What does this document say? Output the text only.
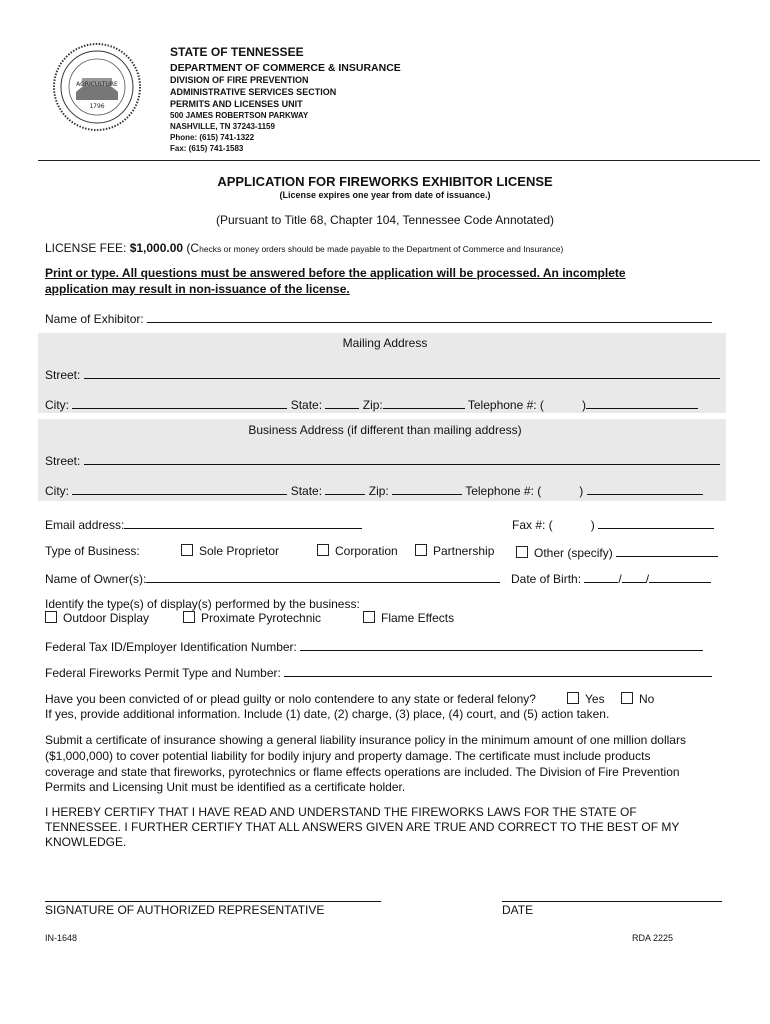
AGRICULTURE
1796
STATE OF TENNESSEE
DEPARTMENT OF COMMERCE & INSURANCE
DIVISION OF FIRE PREVENTION
ADMINISTRATIVE SERVICES SECTION
PERMITS AND LICENSES UNIT
500 JAMES ROBERTSON PARKWAY
NASHVILLE, TN 37243-1159
Phone: (615) 741-1322
Fax: (615) 741-1583
APPLICATION FOR FIREWORKS EXHIBITOR LICENSE
(License expires one year from date of issuance.)
(Pursuant to Title 68, Chapter 104, Tennessee Code Annotated)
LICENSE FEE: $1,000.00 (Checks or money orders should be made payable to the Department of Commerce and Insurance)
Print or type. All questions must be answered before the application will be processed. An incomplete
application may result in non-issuance of the license.
Name of Exhibitor:
Mailing Address
Street:
City:	State:	Zip:	Telephone #: (	)
Business Address (if different than mailing address)
Street:
City:	State:	Zip:	Telephone #: (	)
Email address:	Fax #: (	)
Type of Business:	Sole Proprietor	Corporation	Partnership	Other (specify)
Name of Owner(s):	Date of Birth:	/ /
Identify the type(s) of display(s) performed by the business:
Outdoor Display	Proximate Pyrotechnic	Flame Effects
Federal Tax ID/Employer Identification Number:
Federal Fireworks Permit Type and Number:
Have you been convicted of or plead guilty or nolo contendere to any state or federal felony?	Yes	No
If yes, provide additional information. Include (1) date, (2) charge, (3) place, (4) court, and (5) action taken.
Submit a certificate of insurance showing a general liability insurance policy in the minimum amount of one million dollars
($1,000,000) to cover potential liability for bodily injury and property damage. The certificate must include products
coverage and state that fireworks, pyrotechnics or flame effects operations are included. The Division of Fire Prevention
Permits and Licensing Unit must be identified as a certificate holder.
I HEREBY CERTIFY THAT I HAVE READ AND UNDERSTAND THE FIREWORKS LAWS FOR THE STATE OF
TENNESSEE. I FURTHER CERTIFY THAT ALL ANSWERS GIVEN ARE TRUE AND CORRECT TO THE BEST OF MY
KNOWLEDGE.
SIGNATURE OF AUTHORIZED REPRESENTATIVE	DATE
IN-1648	RDA 2225
